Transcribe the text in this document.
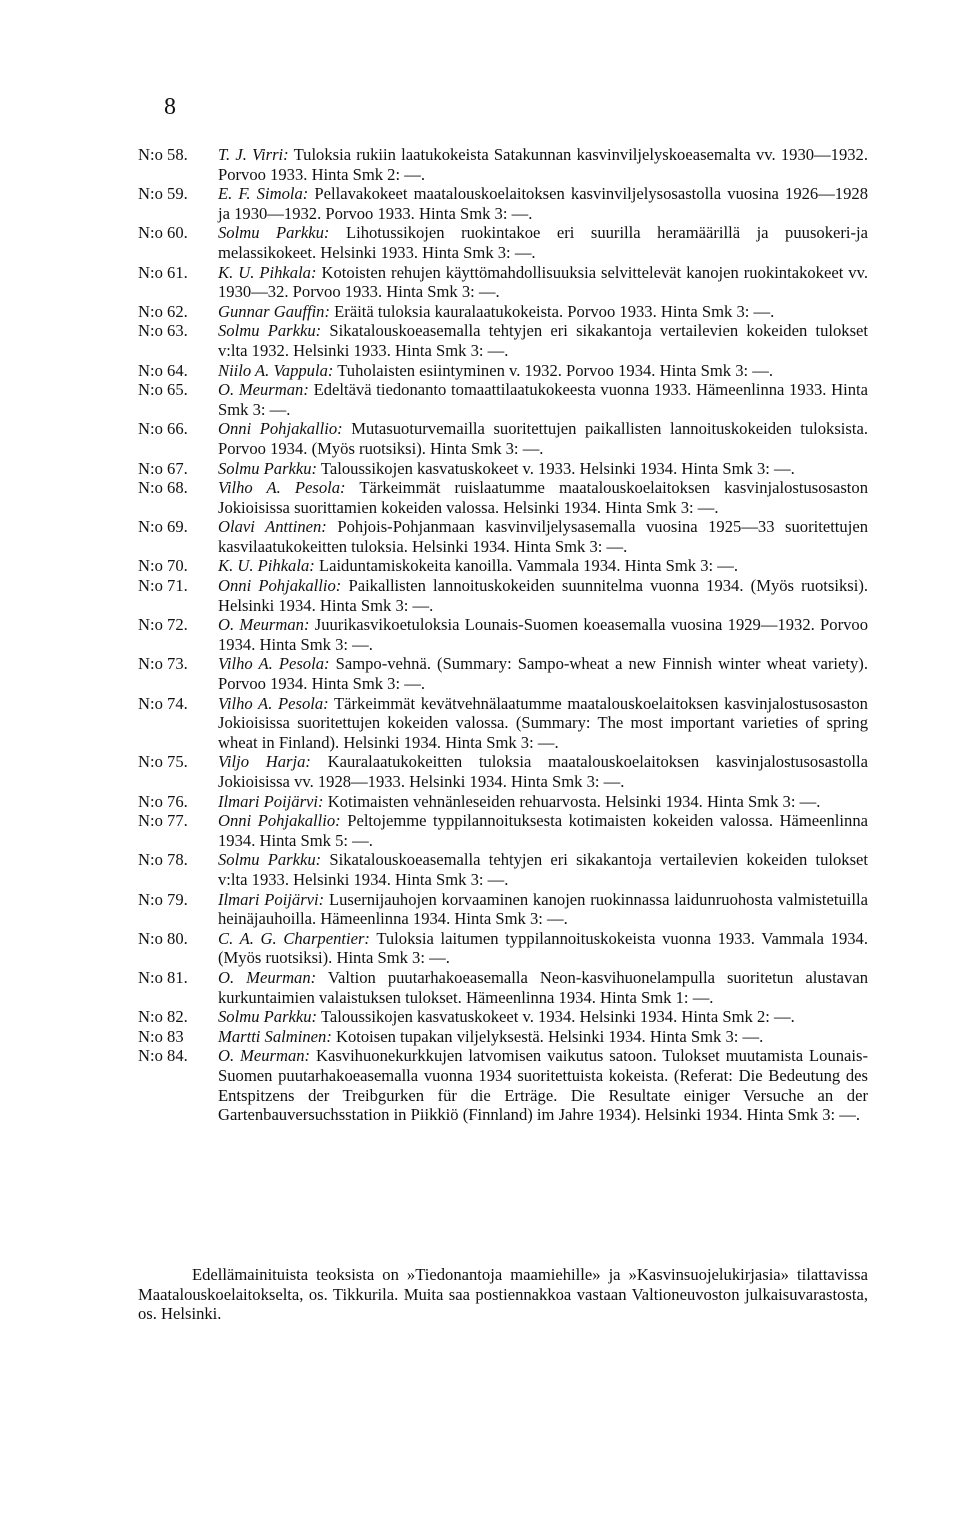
8
N:o 58.	T. J. Virri: Tuloksia rukiin laatukokeista Satakunnan kasvinviljelyskoeasemalta vv. 1930—1932. Porvoo 1933. Hinta Smk 2: —.
N:o 59.	E. F. Simola: Pellavakokeet maatalouskoelaitoksen kasvinviljelysosastolla vuosina 1926—1928 ja 1930—1932. Porvoo 1933. Hinta Smk 3: —.
N:o 60.	Solmu Parkku: Lihotussikojen ruokintakoe eri suurilla heramäärillä ja puusokeri-ja melassikokeet. Helsinki 1933. Hinta Smk 3: —.
N:o 61.	K. U. Pihkala: Kotoisten rehujen käyttömahdollisuuksia selvittelevät kanojen ruokintakokeet vv. 1930—32. Porvoo 1933. Hinta Smk 3: —.
N:o 62.	Gunnar Gauffin: Eräitä tuloksia kauralaatukokeista. Porvoo 1933. Hinta Smk 3: —.
N:o 63.	Solmu Parkku: Sikatalouskoeasemalla tehtyjen eri sikakantoja vertailevien kokeiden tulokset v:lta 1932. Helsinki 1933. Hinta Smk 3: —.
N:o 64.	Niilo A. Vappula: Tuholaisten esiintyminen v. 1932. Porvoo 1934. Hinta Smk 3: —.
N:o 65.	O. Meurman: Edeltävä tiedonanto tomaattilaatukokeesta vuonna 1933. Hämeenlinna 1933. Hinta Smk 3: —.
N:o 66.	Onni Pohjakallio: Mutasuoturvemailla suoritettujen paikallisten lannoituskokeiden tuloksista. Porvoo 1934. (Myös ruotsiksi). Hinta Smk 3: —.
N:o 67.	Solmu Parkku: Taloussikojen kasvatuskokeet v. 1933. Helsinki 1934. Hinta Smk 3: —.
N:o 68.	Vilho A. Pesola: Tärkeimmät ruislaatumme maatalouskoelaitoksen kasvinjalostusosaston Jokioisissa suorittamien kokeiden valossa. Helsinki 1934. Hinta Smk 3: —.
N:o 69.	Olavi Anttinen: Pohjois-Pohjanmaan kasvinviljelysasemalla vuosina 1925—33 suoritettujen kasvilaatukokeitten tuloksia. Helsinki 1934. Hinta Smk 3: —.
N:o 70.	K. U. Pihkala: Laiduntamiskokeita kanoilla. Vammala 1934. Hinta Smk 3: —.
N:o 71.	Onni Pohjakallio: Paikallisten lannoituskokeiden suunnitelma vuonna 1934. (Myös ruotsiksi). Helsinki 1934. Hinta Smk 3: —.
N:o 72.	O. Meurman: Juurikasvikoetuloksia Lounais-Suomen koeasemalla vuosina 1929—1932. Porvoo 1934. Hinta Smk 3: —.
N:o 73.	Vilho A. Pesola: Sampo-vehnä. (Summary: Sampo-wheat a new Finnish winter wheat variety). Porvoo 1934. Hinta Smk 3: —.
N:o 74.	Vilho A. Pesola: Tärkeimmät kevätvehnälaatumme maatalouskoelaitoksen kasvinjalostusosaston Jokioisissa suoritettujen kokeiden valossa. (Summary: The most important varieties of spring wheat in Finland). Helsinki 1934. Hinta Smk 3: —.
N:o 75.	Viljo Harja: Kauralaatukokeitten tuloksia maatalouskoelaitoksen kasvinjalostusosastolla Jokioisissa vv. 1928—1933. Helsinki 1934. Hinta Smk 3: —.
N:o 76.	Ilmari Poijärvi: Kotimaisten vehnänleseiden rehuarvosta. Helsinki 1934. Hinta Smk 3: —.
N:o 77.	Onni Pohjakallio: Peltojemme typpilannoituksesta kotimaisten kokeiden valossa. Hämeenlinna 1934. Hinta Smk 5: —.
N:o 78.	Solmu Parkku: Sikatalouskoeasemalla tehtyjen eri sikakantoja vertailevien kokeiden tulokset v:lta 1933. Helsinki 1934. Hinta Smk 3: —.
N:o 79.	Ilmari Poijärvi: Lusernijauhojen korvaaminen kanojen ruokinnassa laidunruohosta valmistetuilla heinäjauhoilla. Hämeenlinna 1934. Hinta Smk 3: —.
N:o 80.	C. A. G. Charpentier: Tuloksia laitumen typpilannoituskokeista vuonna 1933. Vammala 1934. (Myös ruotsiksi). Hinta Smk 3: —.
N:o 81.	O. Meurman: Valtion puutarhakoeasemalla Neon-kasvihuonelampulla suoritetun alustavan kurkuntaimien valaistuksen tulokset. Hämeenlinna 1934. Hinta Smk 1: —.
N:o 82.	Solmu Parkku: Taloussikojen kasvatuskokeet v. 1934. Helsinki 1934. Hinta Smk 2: —.
N:o 83	Martti Salminen: Kotoisen tupakan viljelyksestä. Helsinki 1934. Hinta Smk 3: —.
N:o 84.	O. Meurman: Kasvihuonekurkkujen latvomisen vaikutus satoon. Tulokset muutamista Lounais-Suomen puutarhakoeasemalla vuonna 1934 suoritettuista kokeista. (Referat: Die Bedeutung des Entspitzens der Treibgurken für die Erträge. Die Resultate einiger Versuche an der Gartenbauversuchsstation in Piikkiö (Finnland) im Jahre 1934). Helsinki 1934. Hinta Smk 3: —.
Edellämainituista teoksista on »Tiedonantoja maamiehille» ja »Kasvinsuojelukirjasia» tilattavissa Maatalouskoelaitokselta, os. Tikkurila. Muita saa postiennakkoa vastaan Valtioneuvoston julkaisuvarastosta, os. Helsinki.
